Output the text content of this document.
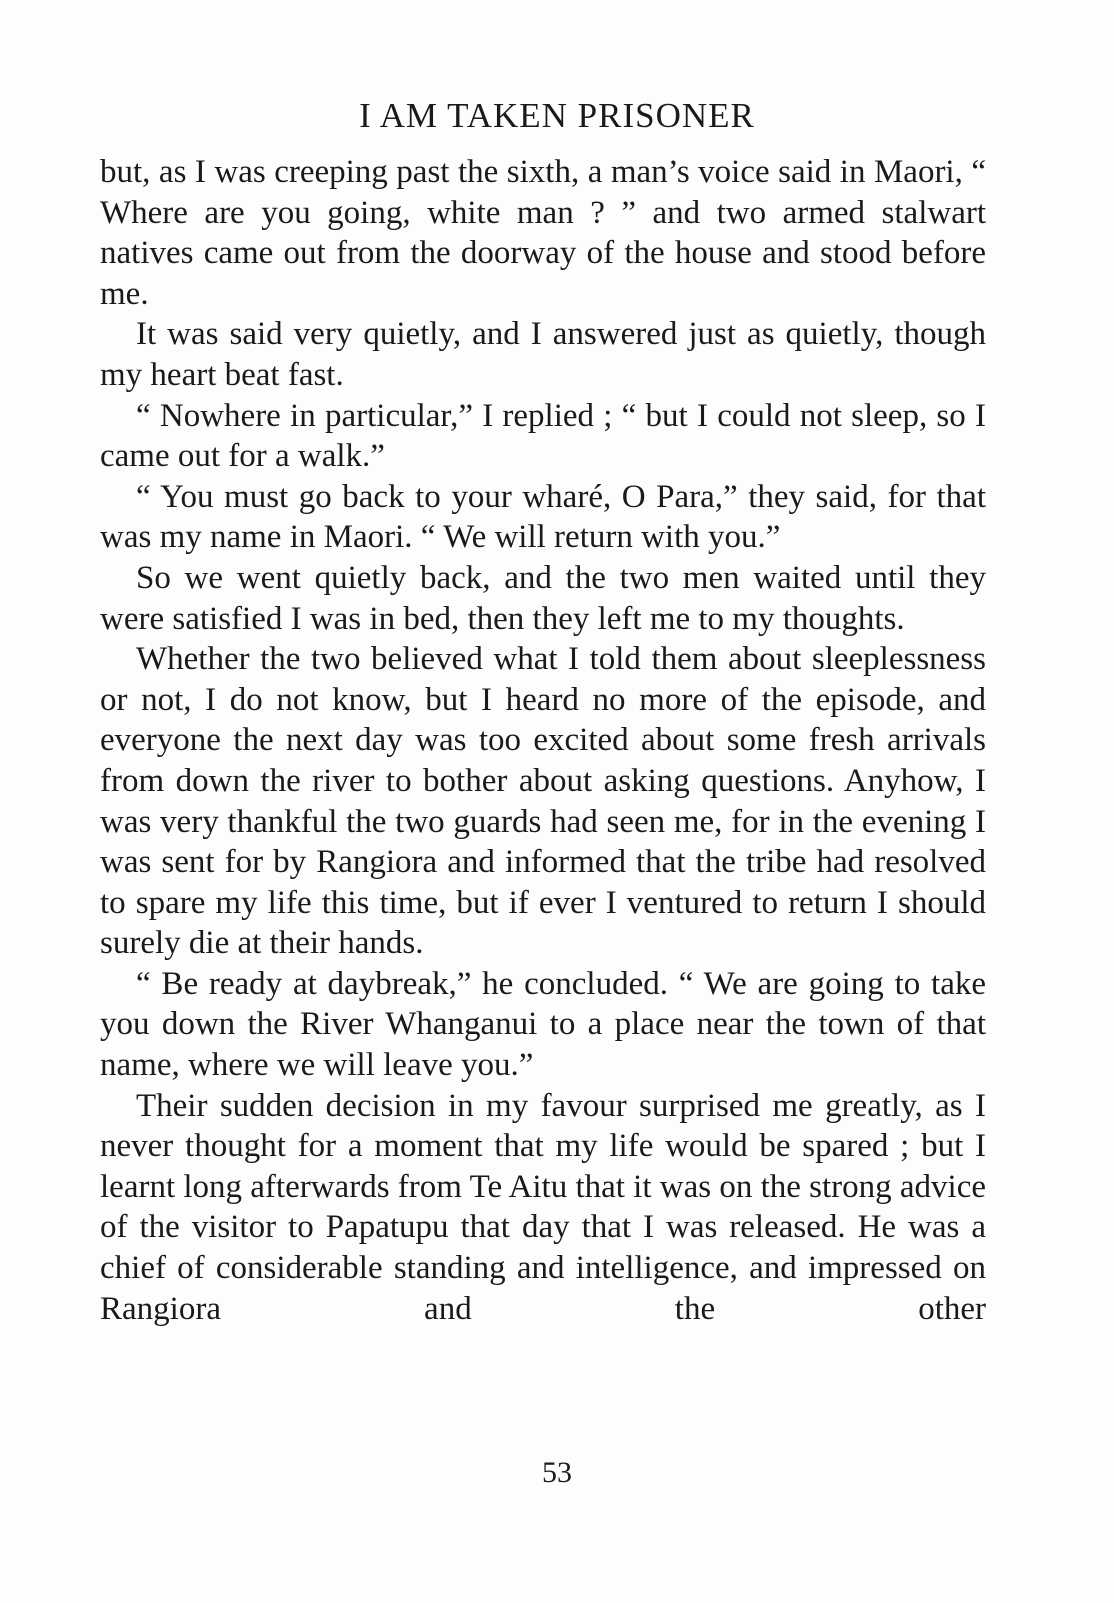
I AM TAKEN PRISONER

but, as I was creeping past the sixth, a man’s voice said in Maori, “ Where are you going, white man ? ” and two armed stalwart natives came out from the doorway of the house and stood before me.

It was said very quietly, and I answered just as quietly, though my heart beat fast.

“ Nowhere in particular,” I replied ; “ but I could not sleep, so I came out for a walk.”

“ You must go back to your wharé, O Para,” they said, for that was my name in Maori. “ We will return with you.”

So we went quietly back, and the two men waited until they were satisfied I was in bed, then they left me to my thoughts.

Whether the two believed what I told them about sleeplessness or not, I do not know, but I heard no more of the episode, and everyone the next day was too excited about some fresh arrivals from down the river to bother about asking questions. Anyhow, I was very thankful the two guards had seen me, for in the evening I was sent for by Rangiora and informed that the tribe had resolved to spare my life this time, but if ever I ventured to return I should surely die at their hands.

“ Be ready at daybreak,” he concluded. “ We are going to take you down the River Whanganui to a place near the town of that name, where we will leave you.”

Their sudden decision in my favour surprised me greatly, as I never thought for a moment that my life would be spared ; but I learnt long afterwards from Te Aitu that it was on the strong advice of the visitor to Papatupu that day that I was released. He was a chief of considerable standing and intelligence, and impressed on Rangiora and the other

53
